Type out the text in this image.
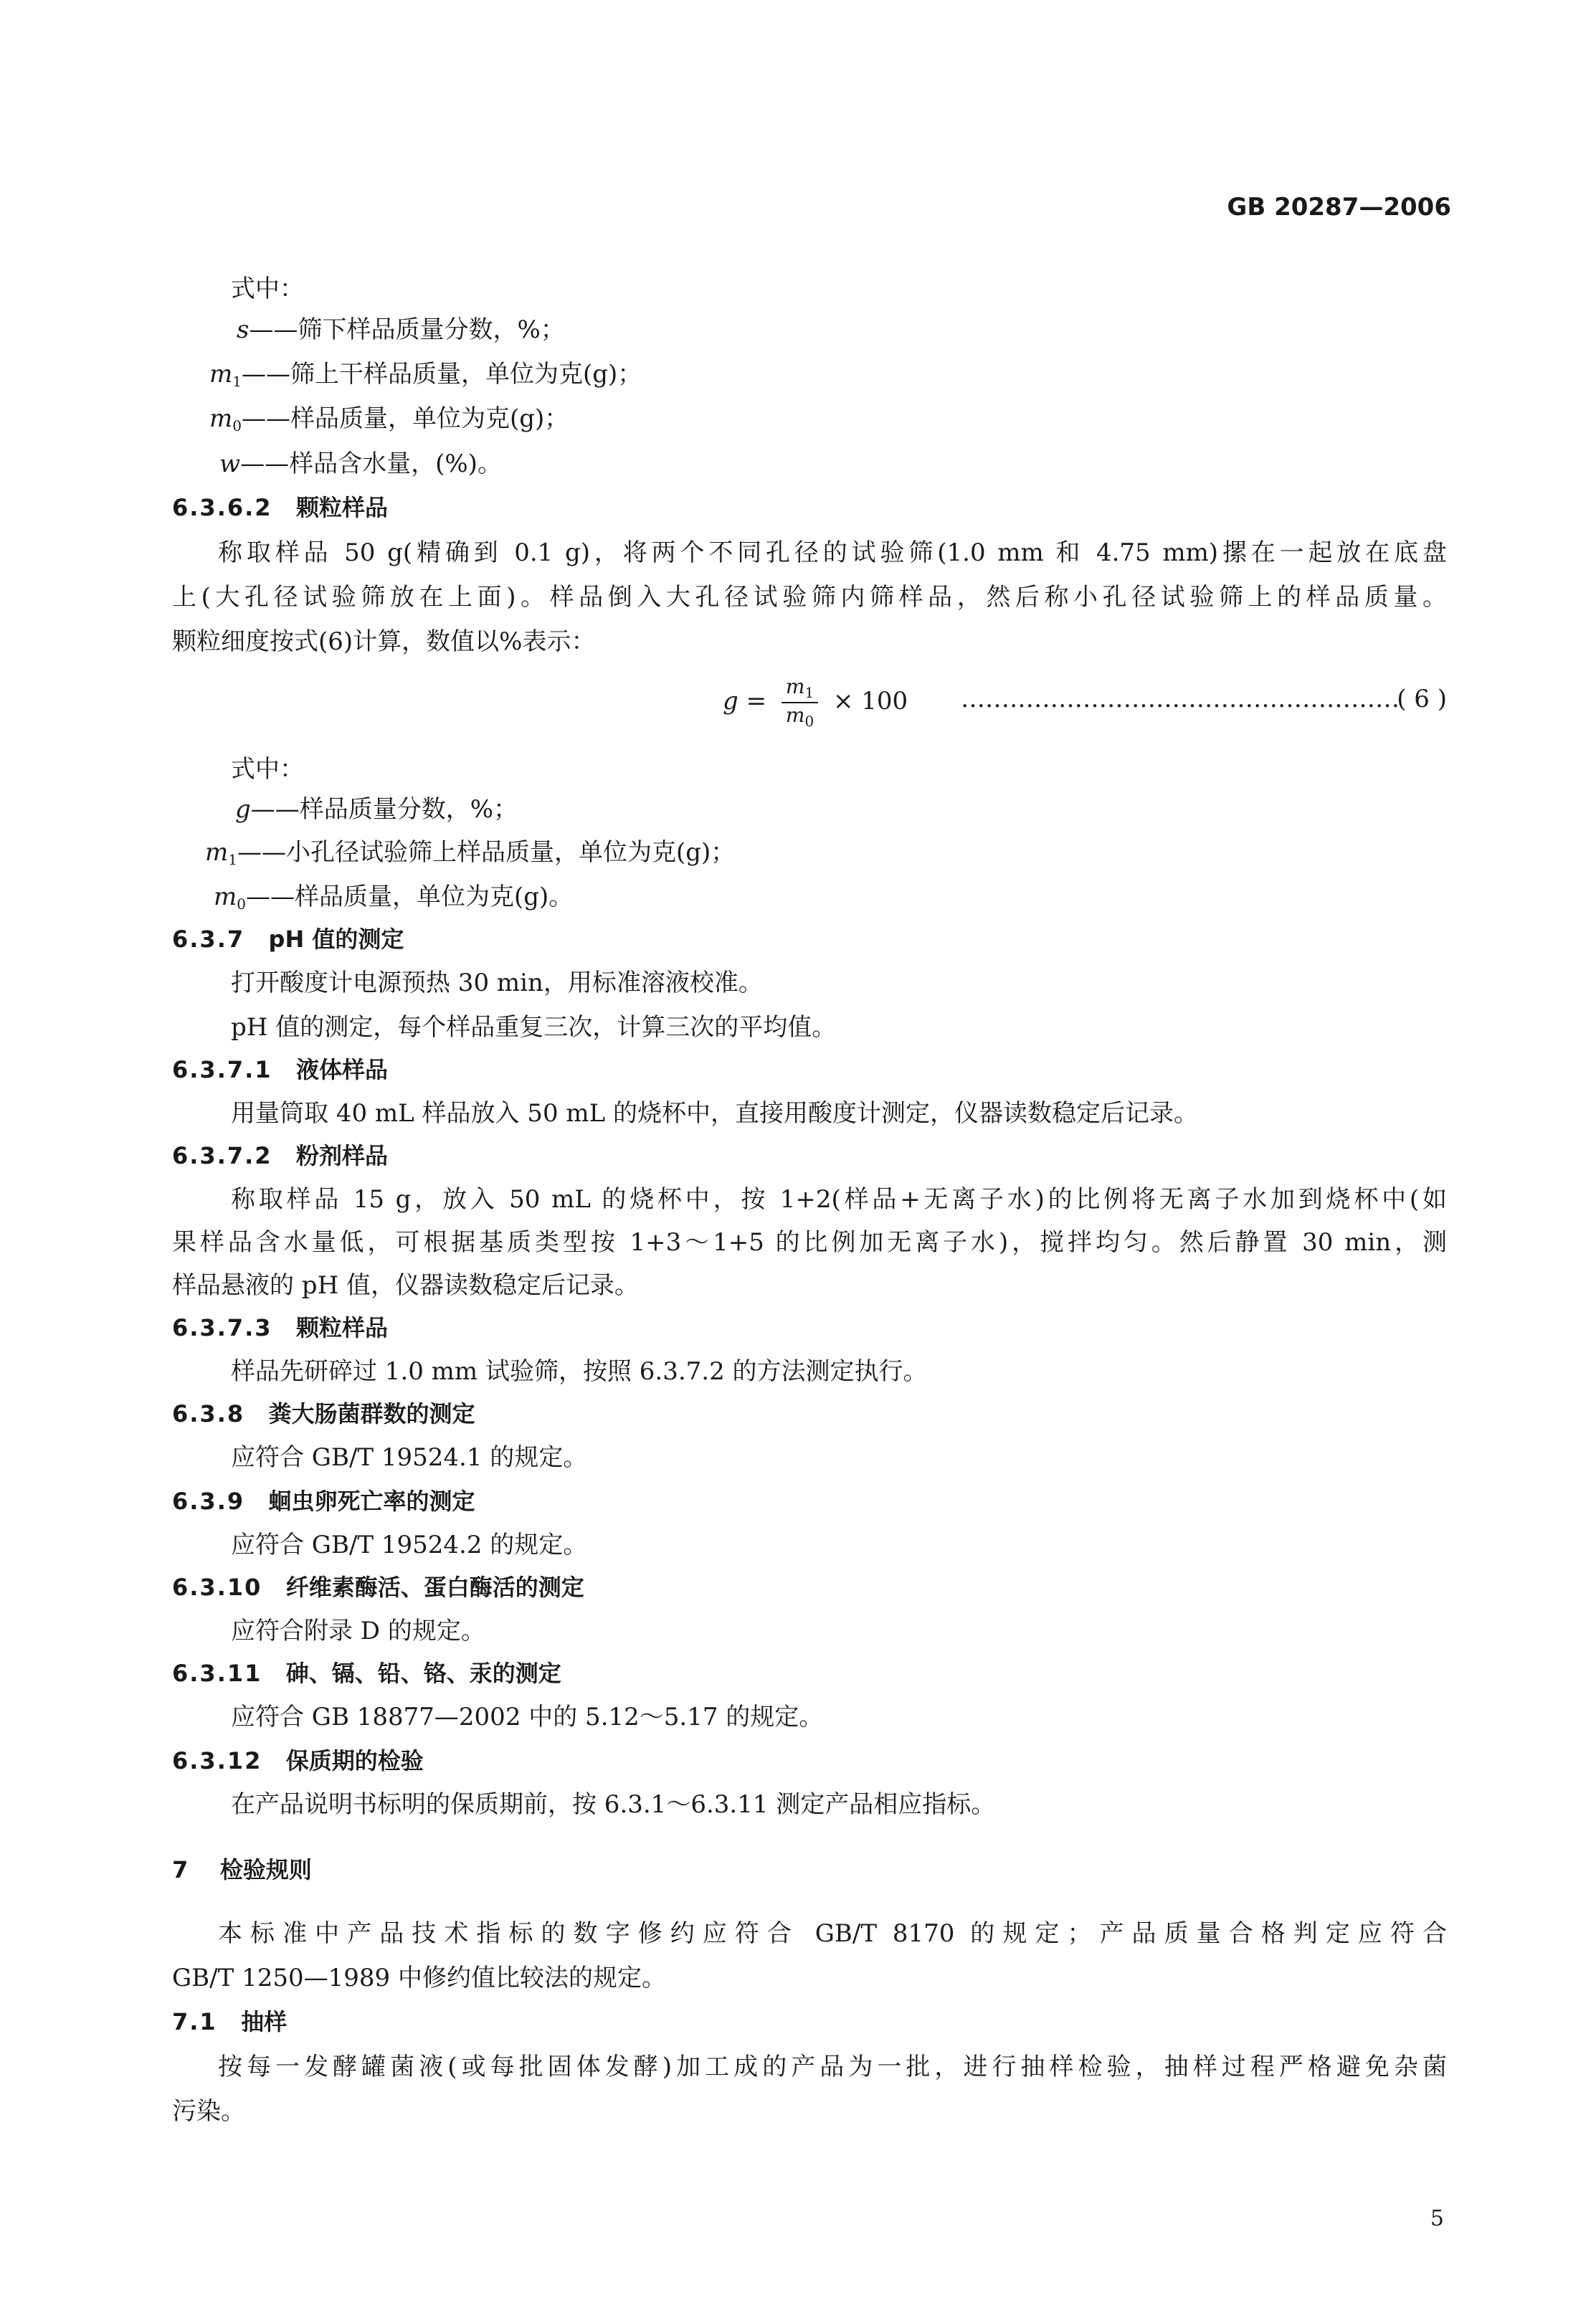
GB 20287—2006
式中：
s——筛下样品质量分数，%；
$m_1——$筛上干样品质量，单位为克(g)；
$m_0——$样品质量，单位为克(g)；
w——样品含水量，(%)。
6.3.6.2 颗粒样品
称取样品 50 g(精确到 0.1 g)，将两个不同孔径的试验筛(1.0 mm 和 4.75 mm)摞在一起放在底盘
上(大孔径试验筛放在上面)。样品倒入大孔径试验筛内筛样品，然后称小孔径试验筛上的样品质量。
颗粒细度按式(6)计算，数值以%表示：
$g = \frac{m_1}{m_0} \times 100$ ………………………………………………
( 6 )
式中：
g——样品质量分数，%；
$m_1——$小孔径试验筛上样品质量，单位为克(g)；
$m_0——$样品质量，单位为克(g)。
6.3.7 pH 值的测定
打开酸度计电源预热 30 min，用标准溶液校准。
pH 值的测定，每个样品重复三次，计算三次的平均值。
6.3.7.1 液体样品
用量筒取 40 mL 样品放入 50 mL 的烧杯中，直接用酸度计测定，仪器读数稳定后记录。
6.3.7.2 粉剂样品
称取样品 15 g，放入 50 mL 的烧杯中，按 1+2(样品+无离子水)的比例将无离子水加到烧杯中(如
果样品含水量低，可根据基质类型按 1+3～1+5 的比例加无离子水)，搅拌均匀。然后静置 30 min，测
样品悬液的 pH 值，仪器读数稳定后记录。
6.3.7.3 颗粒样品
样品先研碎过 1.0 mm 试验筛，按照 6.3.7.2 的方法测定执行。
6.3.8 粪大肠菌群数的测定
应符合 GB/T 19524.1 的规定。
6.3.9 蛔虫卵死亡率的测定
应符合 GB/T 19524.2 的规定。
6.3.10 纤维素酶活、蛋白酶活的测定
应符合附录 D 的规定。
6.3.11 砷、镉、铅、铬、汞的测定
应符合 GB 18877—2002 中的 5.12～5.17 的规定。
6.3.12 保质期的检验
在产品说明书标明的保质期前，按 6.3.1～6.3.11 测定产品相应指标。
7 检验规则
本标准中产品技术指标的数字修约应符合 GB/T 8170 的规定；产品质量合格判定应符合
GB/T 1250—1989 中修约值比较法的规定。
7.1 抽样
按每一发酵罐菌液(或每批固体发酵)加工成的产品为一批，进行抽样检验，抽样过程严格避免杂菌
污染。
5
